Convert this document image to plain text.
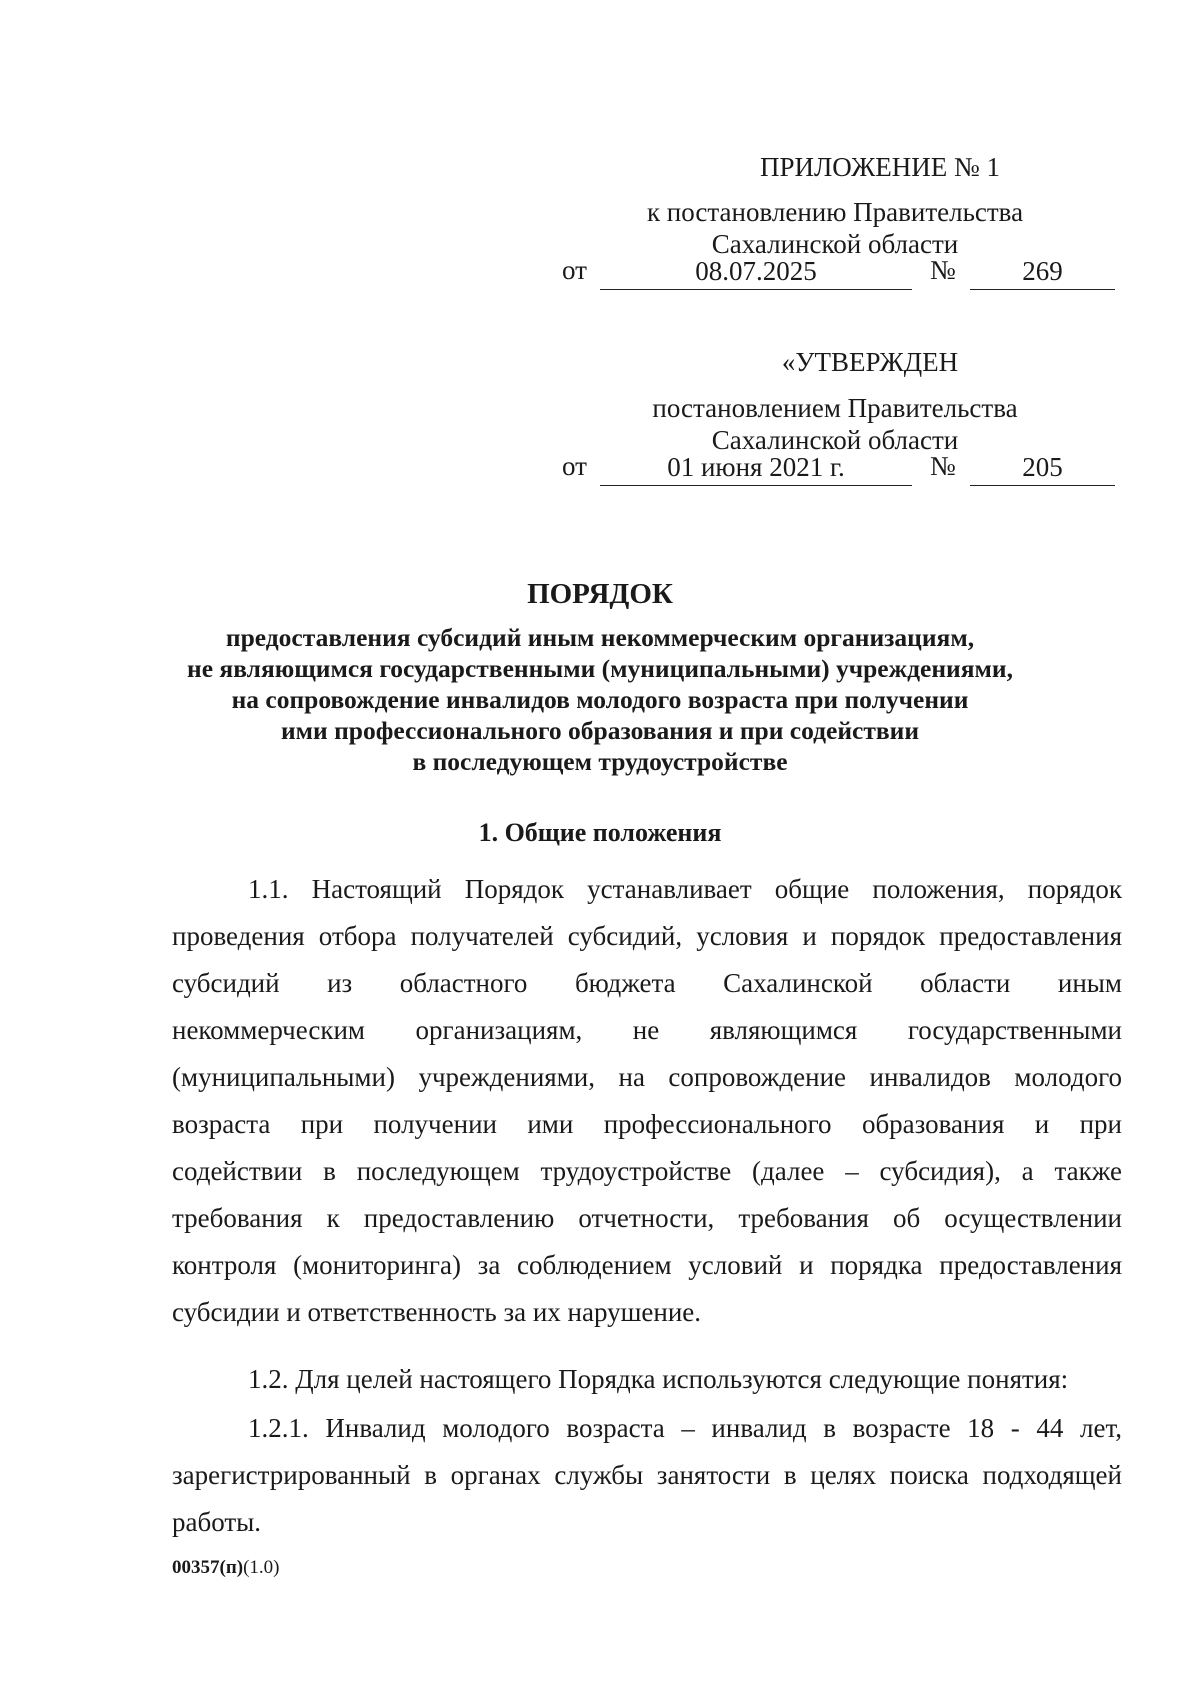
ПРИЛОЖЕНИЕ № 1
к постановлению Правительства
Сахалинской области
от	08.07.2025	№	269
«УТВЕРЖДЕН
постановлением Правительства
Сахалинской области
от	01 июня 2021 г.	№	205
ПОРЯДОК
предоставления субсидий иным некоммерческим организациям,
не являющимся государственными (муниципальными) учреждениями,
на сопровождение инвалидов молодого возраста при получении
ими профессионального образования и при содействии
в последующем трудоустройстве
1. Общие положения
1.1. Настоящий Порядок устанавливает общие положения, порядок
проведения отбора получателей субсидий, условия и порядок предоставления
субсидий из областного бюджета Сахалинской области иным
некоммерческим организациям, не являющимся государственными
(муниципальными) учреждениями, на сопровождение инвалидов молодого
возраста при получении ими профессионального образования и при
содействии в последующем трудоустройстве (далее – субсидия), а также
требования к предоставлению отчетности, требования об осуществлении
контроля (мониторинга) за соблюдением условий и порядка предоставления
субсидии и ответственность за их нарушение.
1.2. Для целей настоящего Порядка используются следующие понятия:
1.2.1. Инвалид молодого возраста – инвалид в возрасте 18 - 44 лет,
зарегистрированный в органах службы занятости в целях поиска подходящей
работы.
00357(п)(1.0)
